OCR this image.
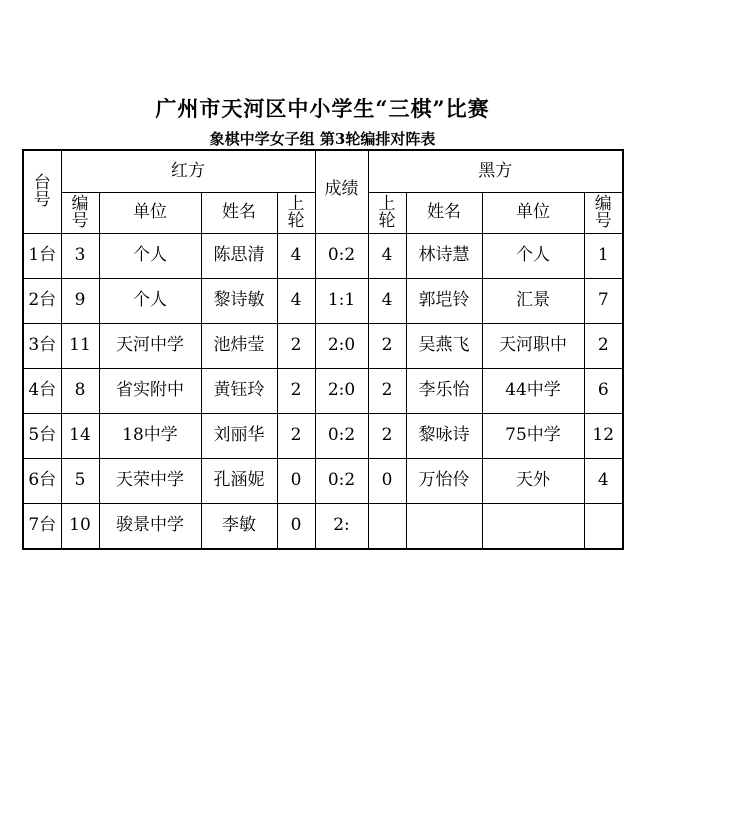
广州市天河区中小学生“三棋”比赛
象棋中学女子组 第3轮编排对阵表
台号	红方				成绩	黑方			
	编号	单位	姓名	上轮		上轮	姓名	单位	编号
1台	3	个人	陈思清	4	0:2	4	林诗慧	个人	1
2台	9	个人	黎诗敏	4	1:1	4	郭垲铃	汇景	7
3台	11	天河中学	池炜莹	2	2:0	2	吴燕飞	天河职中	2
4台	8	省实附中	黄钰玲	2	2:0	2	李乐怡	44中学	6
5台	14	18中学	刘丽华	2	0:2	2	黎咏诗	75中学	12
6台	5	天荣中学	孔涵妮	0	0:2	0	万怡伶	天外	4
7台	10	骏景中学	李敏	0	2:				
